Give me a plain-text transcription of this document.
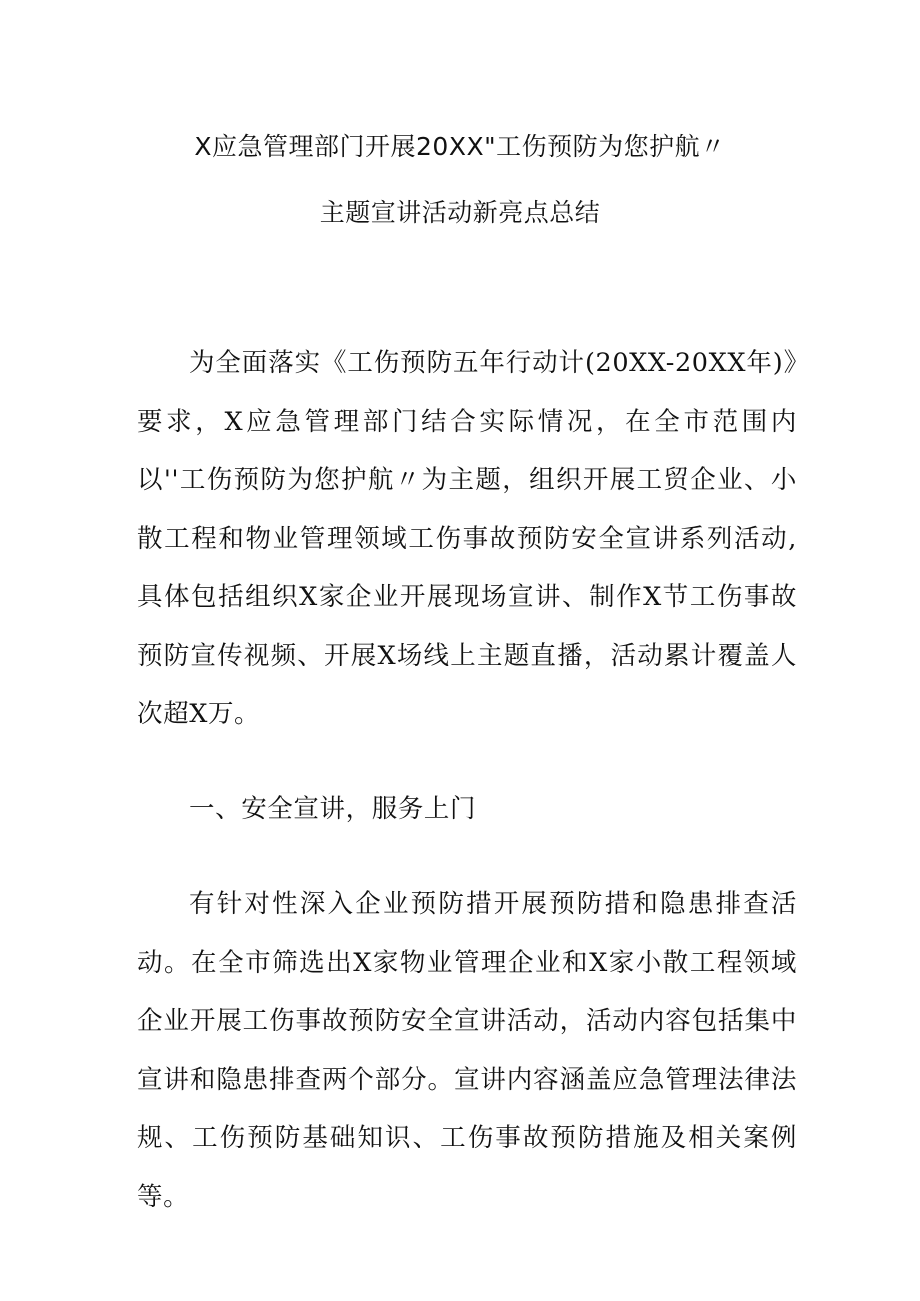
X应急管理部门开展20XX"工伤预防为您护航〃
主题宣讲活动新亮点总结

为全面落实《工伤预防五年行动计(20XX-20XX年)》要求，X应急管理部门结合实际情况，在全市范围内以''工伤预防为您护航〃为主题，组织开展工贸企业、小散工程和物业管理领域工伤事故预防安全宣讲系列活动,具体包括组织X家企业开展现场宣讲、制作X节工伤事故预防宣传视频、开展X场线上主题直播，活动累计覆盖人次超X万。

一、安全宣讲，服务上门

有针对性深入企业预防措开展预防措和隐患排查活动。在全市筛选出X家物业管理企业和X家小散工程领域企业开展工伤事故预防安全宣讲活动，活动内容包括集中宣讲和隐患排查两个部分。宣讲内容涵盖应急管理法律法规、工伤预防基础知识、工伤事故预防措施及相关案例等。
